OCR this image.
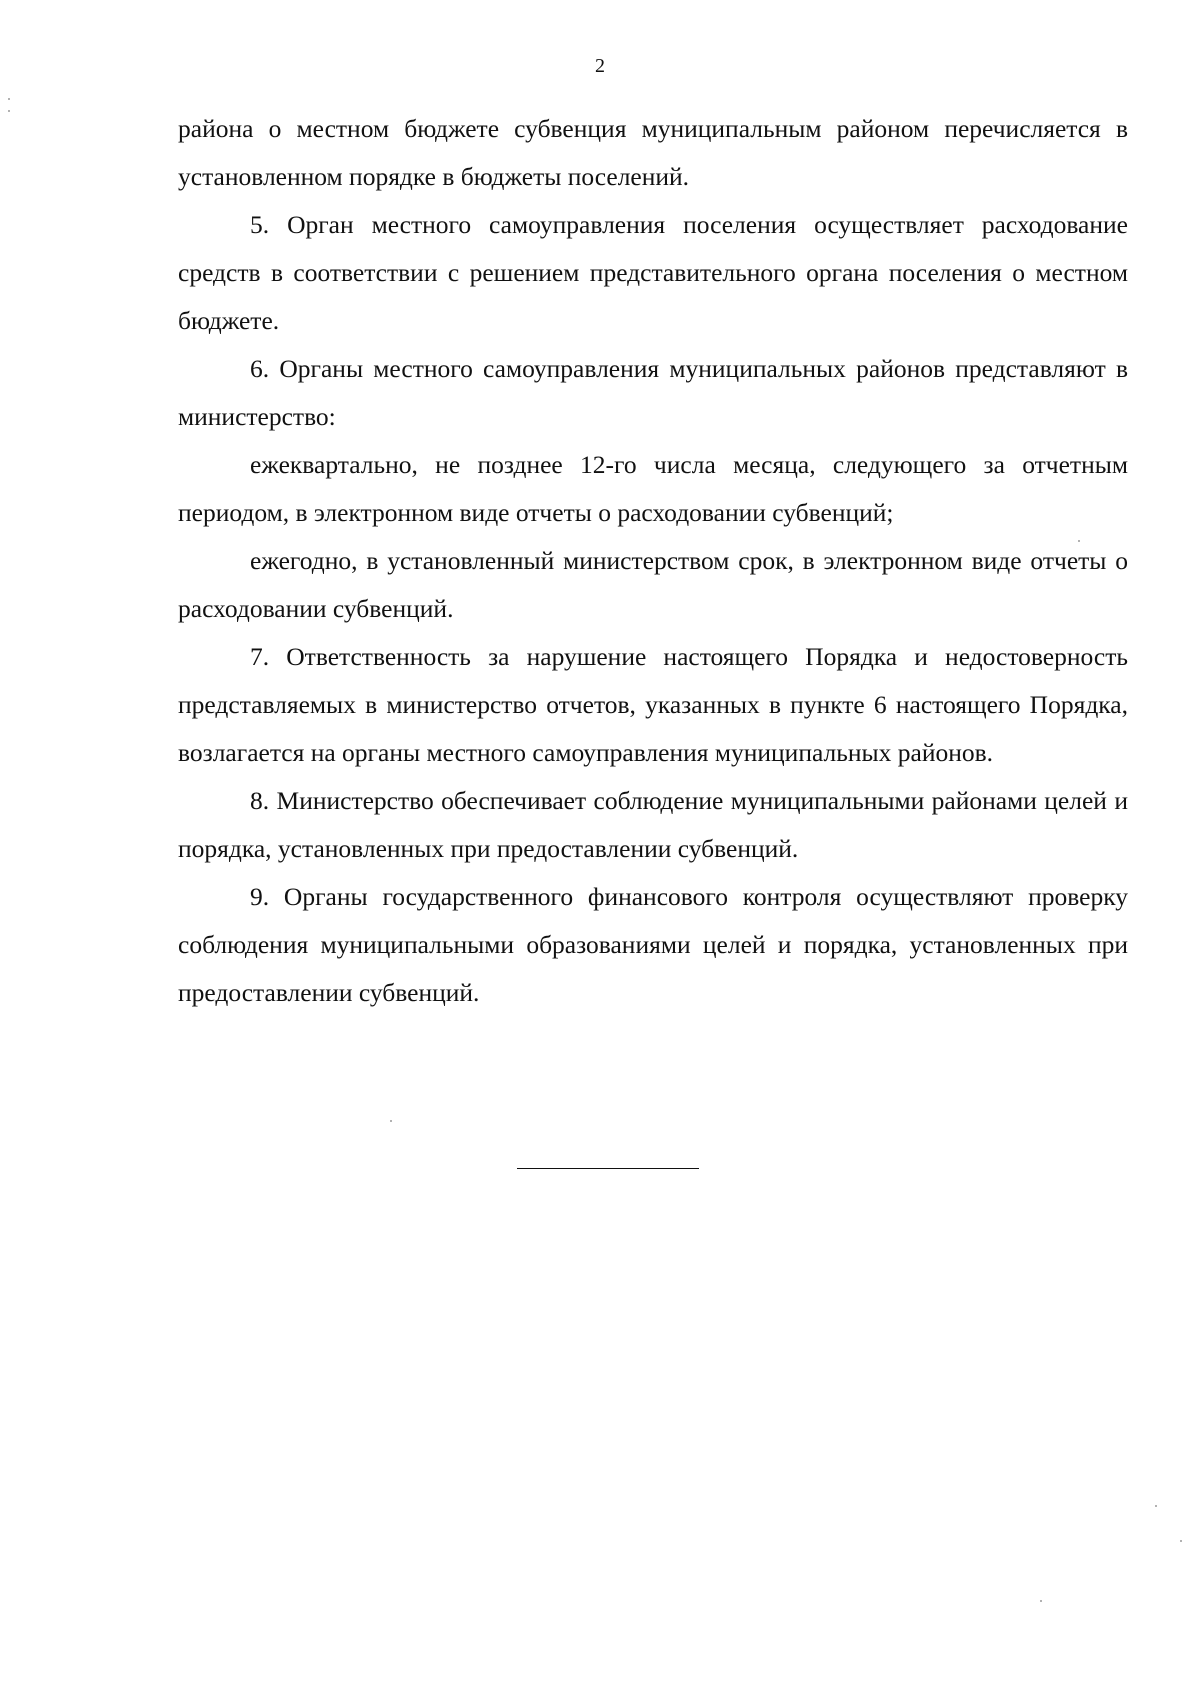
2

района о местном бюджете субвенция муниципальным районом перечисляется в установленном порядке в бюджеты поселений.

5. Орган местного самоуправления поселения осуществляет расходование средств в соответствии с решением представительного органа поселения о местном бюджете.

6. Органы местного самоуправления муниципальных районов представляют в министерство:

ежеквартально, не позднее 12-го числа месяца, следующего за отчетным периодом, в электронном виде отчеты о расходовании субвенций;

ежегодно, в установленный министерством срок, в электронном виде отчеты о расходовании субвенций.

7. Ответственность за нарушение настоящего Порядка и недостоверность представляемых в министерство отчетов, указанных в пункте 6 настоящего Порядка, возлагается на органы местного самоуправления муниципальных районов.

8. Министерство обеспечивает соблюдение муниципальными районами целей и порядка, установленных при предоставлении субвенций.

9. Органы государственного финансового контроля осуществляют проверку соблюдения муниципальными образованиями целей и порядка, установленных при предоставлении субвенций.
